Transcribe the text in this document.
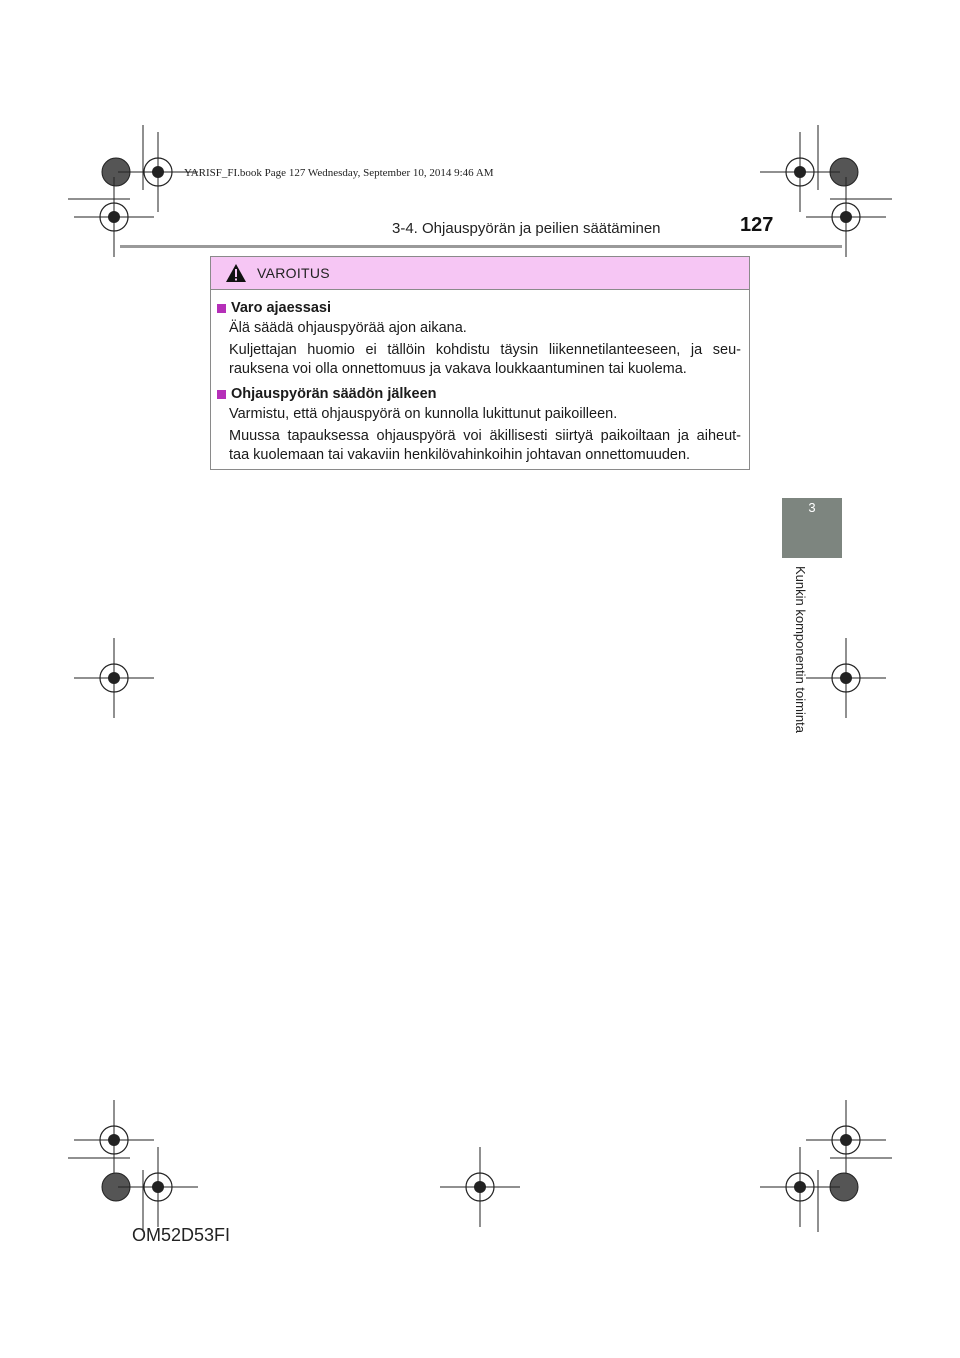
YARISF_FI.book Page 127 Wednesday, September 10, 2014 9:46 AM
3-4. Ohjauspyörän ja peilien säätäminen	127
3
Kunkin komponentin toiminta
VAROITUS
Varo ajaessasi
Älä säädä ohjauspyörää ajon aikana.
Kuljettajan huomio ei tällöin kohdistu täysin liikennetilanteeseen, ja seu-
rauksena voi olla onnettomuus ja vakava loukkaantuminen tai kuolema.
Ohjauspyörän säädön jälkeen
Varmistu, että ohjauspyörä on kunnolla lukittunut paikoilleen.
Muussa tapauksessa ohjauspyörä voi äkillisesti siirtyä paikoiltaan ja aiheut-
taa kuolemaan tai vakaviin henkilövahinkoihin johtavan onnettomuuden.
OM52D53FI
